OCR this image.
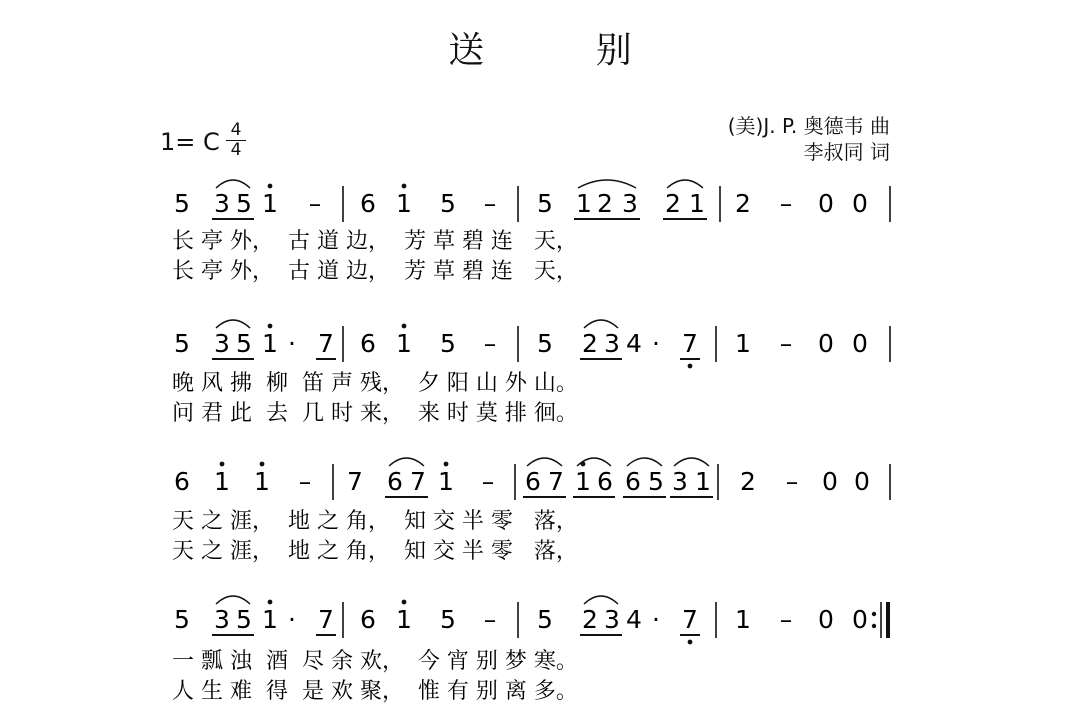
送 别
(美)J. P. 奥德韦 曲
李叔同 词
1= C 4
4
5 3 5 1 – 6 1 5 – 5 1 2 3 2 1 2 – 0 0
长 亭 外，  古 道 边，  芳 草 碧 连   天，
长 亭 外，  古 道 边，  芳 草 碧 连   天，
5 3 5 1 · 7 6 1 5 – 5 2 3 4 · 7 1 – 0 0
晚 风 拂  柳  笛 声 残，  夕 阳 山 外 山。
问 君 此  去  几 时 来，  来 时 莫 排 徊。
6 1 1 – 7 6 7 1 – 6 7 1 6 6 5 3 1 2 – 0 0
天 之 涯，  地 之 角，  知 交 半 零   落，
天 之 涯，  地 之 角，  知 交 半 零   落，
5 3 5 1 · 7 6 1 5 – 5 2 3 4 · 7 1 – 0 0
一 瓢 浊  酒  尽 余 欢，  今 宵 别 梦 寒。
人 生 难  得  是 欢 聚，  惟 有 别 离 多。
